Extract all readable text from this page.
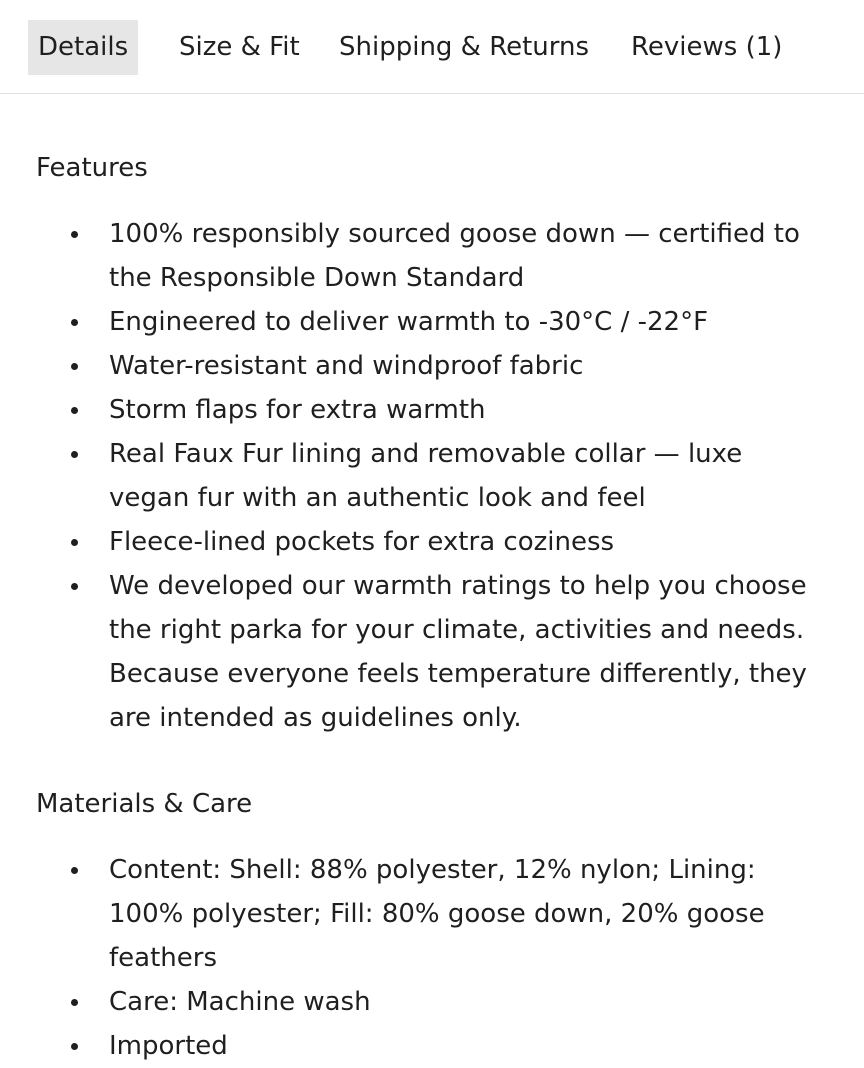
Details	Size & Fit Shipping & Returns Reviews (1)
Features
100% responsibly sourced goose down — certified to the Responsible Down Standard
Engineered to deliver warmth to -30°C / -22°F
Water-resistant and windproof fabric
Storm flaps for extra warmth
Real Faux Fur lining and removable collar — luxe vegan fur with an authentic look and feel
Fleece-lined pockets for extra coziness
We developed our warmth ratings to help you choose the right parka for your climate, activities and needs. Because everyone feels temperature differently, they are intended as guidelines only.
Materials & Care
Content: Shell: 88% polyester, 12% nylon; Lining: 100% polyester; Fill: 80% goose down, 20% goose feathers
Care: Machine wash
Imported
